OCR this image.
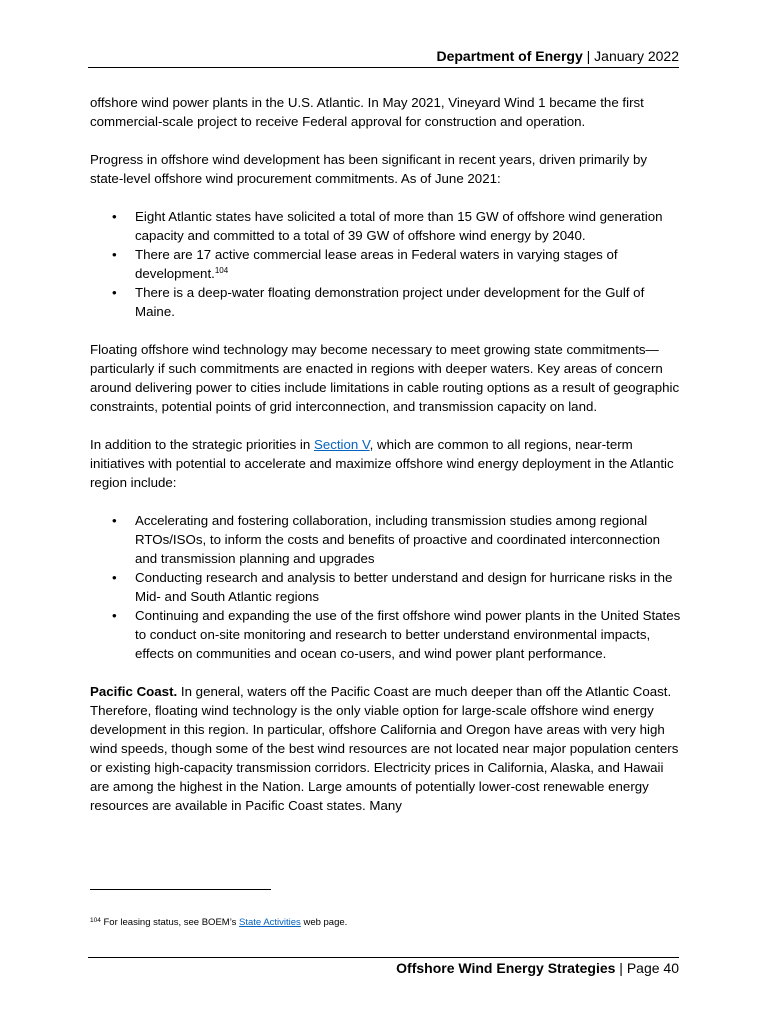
Department of Energy | January 2022

offshore wind power plants in the U.S. Atlantic. In May 2021, Vineyard Wind 1 became the first commercial-scale project to receive Federal approval for construction and operation.

Progress in offshore wind development has been significant in recent years, driven primarily by state-level offshore wind procurement commitments. As of June 2021:

• Eight Atlantic states have solicited a total of more than 15 GW of offshore wind generation capacity and committed to a total of 39 GW of offshore wind energy by 2040.
• There are 17 active commercial lease areas in Federal waters in varying stages of development.$^{104}$
• There is a deep-water floating demonstration project under development for the Gulf of Maine.

Floating offshore wind technology may become necessary to meet growing state commitments—particularly if such commitments are enacted in regions with deeper waters. Key areas of concern around delivering power to cities include limitations in cable routing options as a result of geographic constraints, potential points of grid interconnection, and transmission capacity on land.

In addition to the strategic priorities in Section V, which are common to all regions, near-term initiatives with potential to accelerate and maximize offshore wind energy deployment in the Atlantic region include:

• Accelerating and fostering collaboration, including transmission studies among regional RTOs/ISOs, to inform the costs and benefits of proactive and coordinated interconnection and transmission planning and upgrades
• Conducting research and analysis to better understand and design for hurricane risks in the Mid- and South Atlantic regions
• Continuing and expanding the use of the first offshore wind power plants in the United States to conduct on-site monitoring and research to better understand environmental impacts, effects on communities and ocean co-users, and wind power plant performance.

Pacific Coast. In general, waters off the Pacific Coast are much deeper than off the Atlantic Coast. Therefore, floating wind technology is the only viable option for large-scale offshore wind energy development in this region. In particular, offshore California and Oregon have areas with very high wind speeds, though some of the best wind resources are not located near major population centers or existing high-capacity transmission corridors. Electricity prices in California, Alaska, and Hawaii are among the highest in the Nation. Large amounts of potentially lower-cost renewable energy resources are available in Pacific Coast states. Many

$^{104}$ For leasing status, see BOEM’s State Activities web page.
Offshore Wind Energy Strategies | Page 40
